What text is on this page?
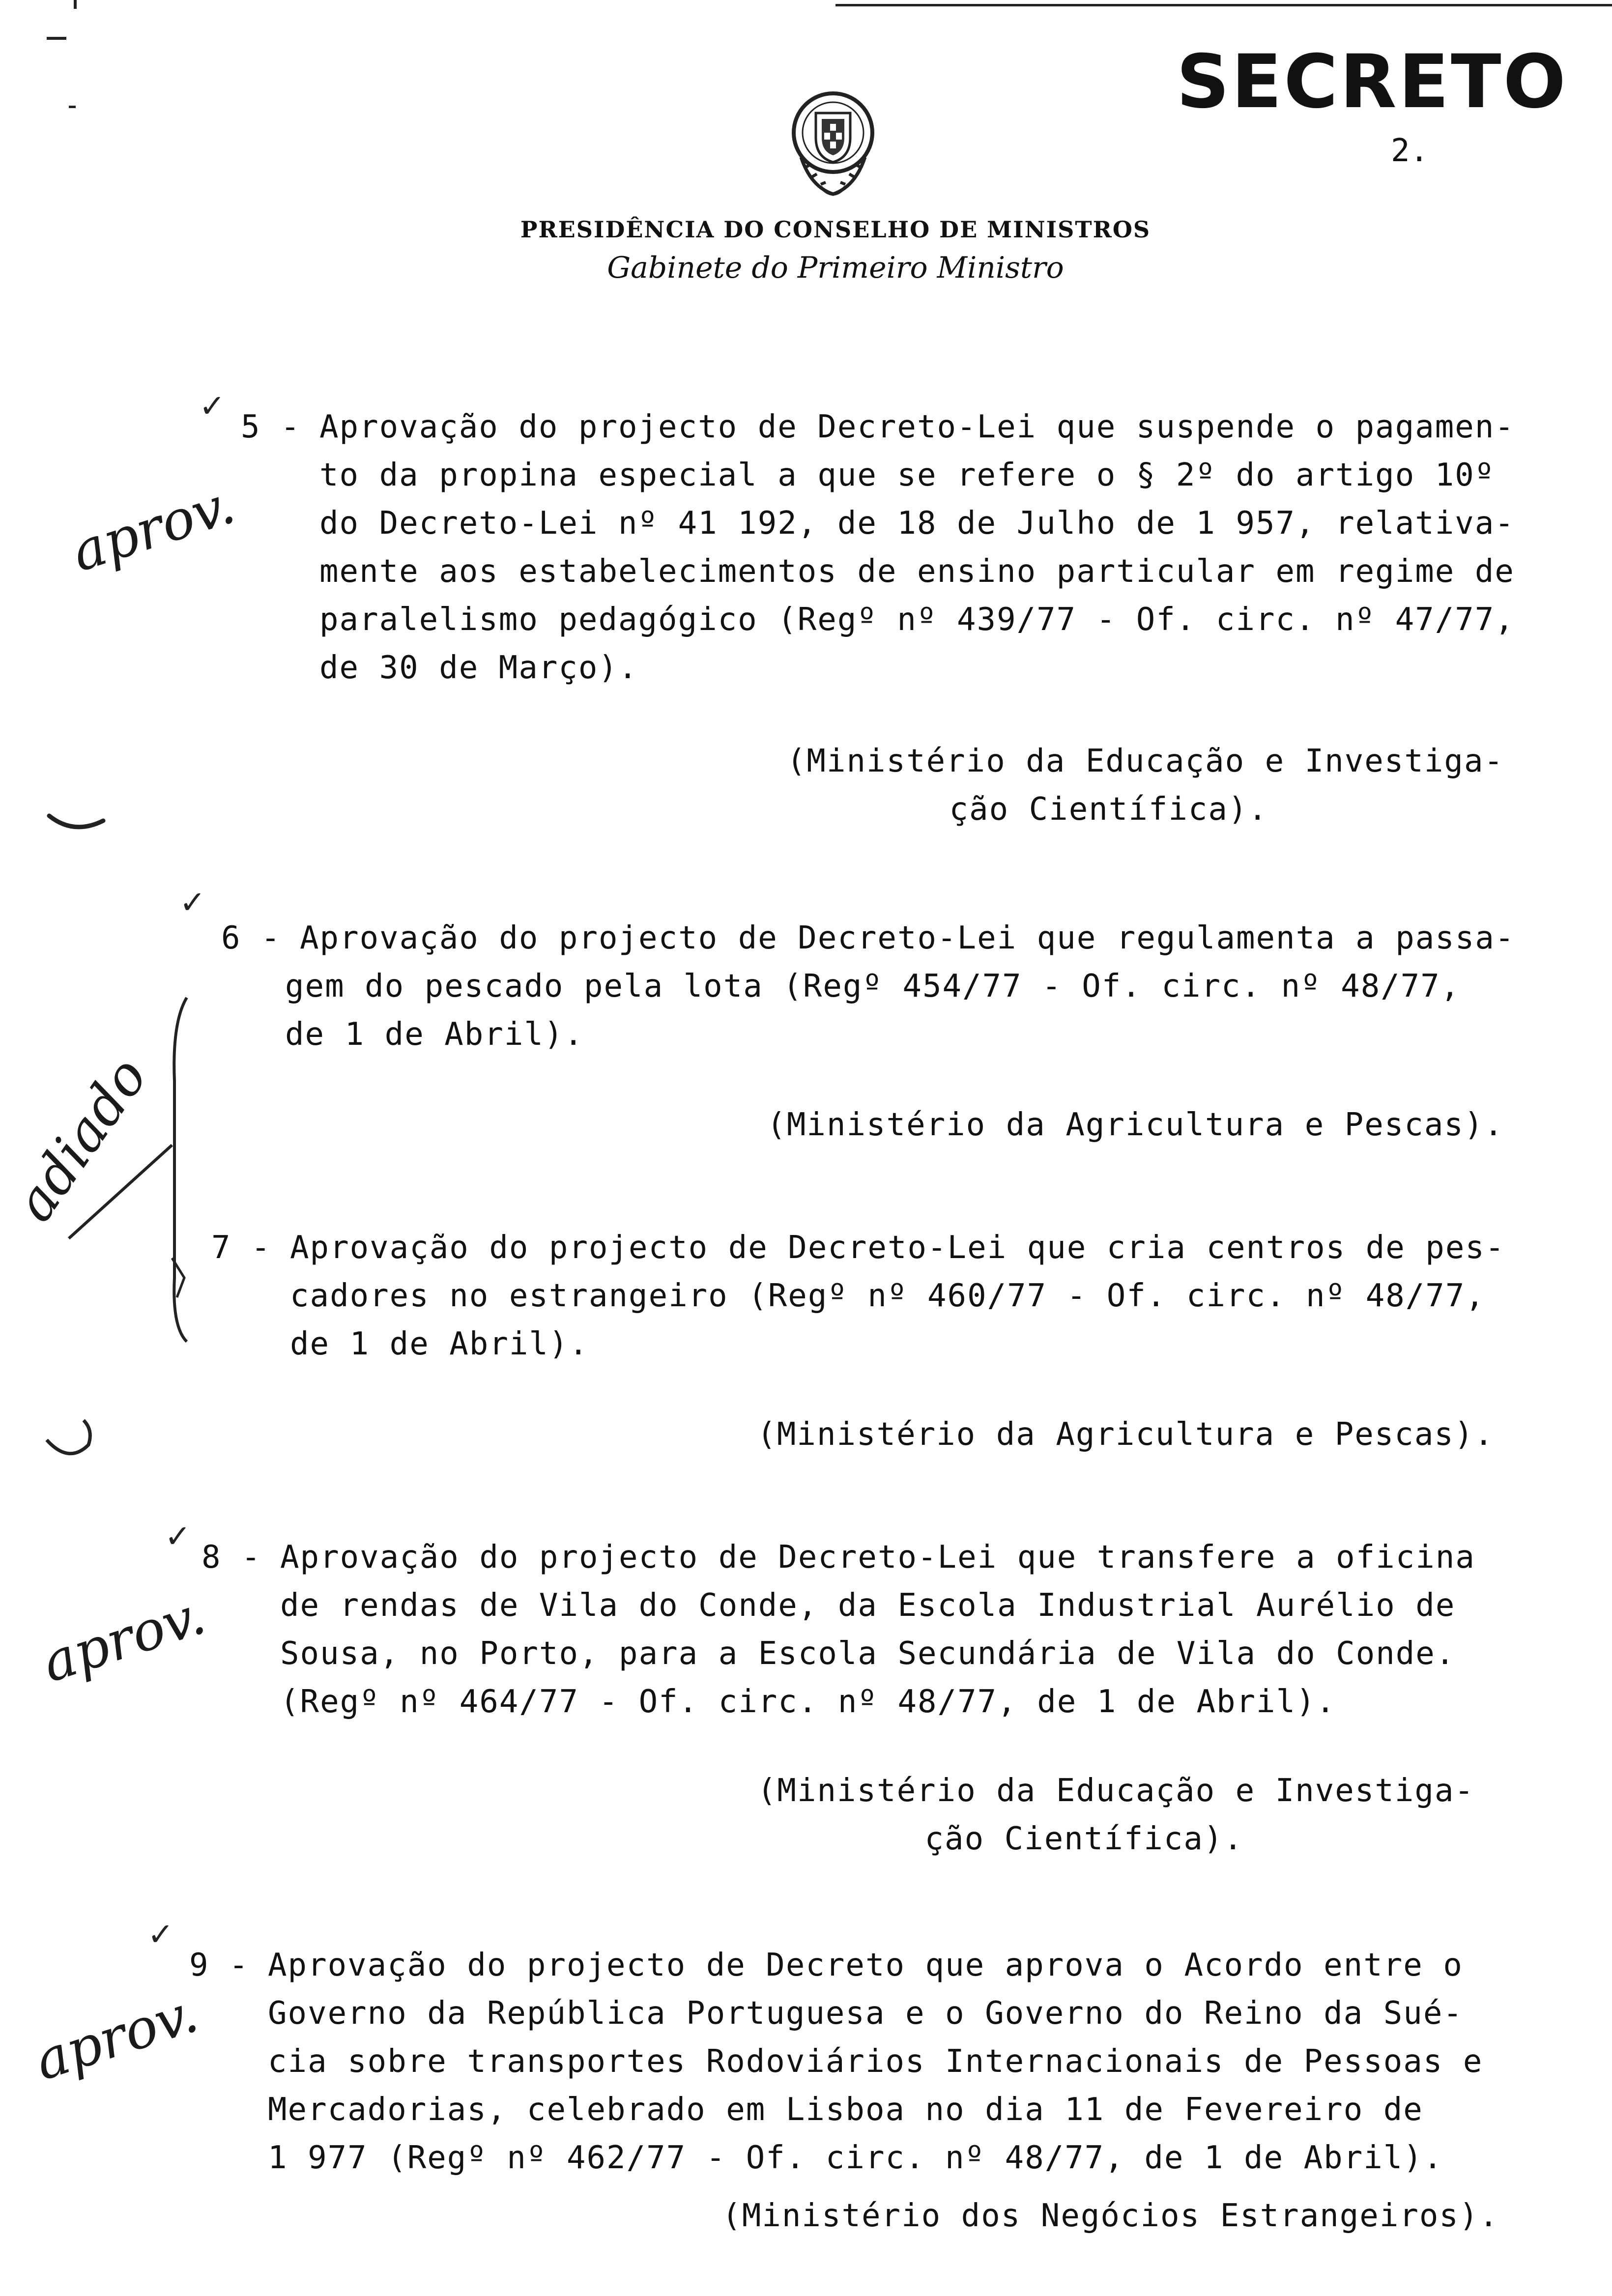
SECRETO
2.
PRESIDÊNCIA DO CONSELHO DE MINISTROS
Gabinete do Primeiro Ministro
✓
5 - Aprovação do projecto de Decreto-Lei que suspende o pagamen-
to da propina especial a que se refere o § 2º do artigo 10º
do Decreto-Lei nº 41 192, de 18 de Julho de 1 957, relativa-
mente aos estabelecimentos de ensino particular em regime de
paralelismo pedagógico (Regº nº 439/77 - Of. circ. nº 47/77,
de 30 de Março).
(Ministério da Educação e Investiga-
ção Científica).
aprov.
✓
6 - Aprovação do projecto de Decreto-Lei que regulamenta a passa-
gem do pescado pela lota (Regº 454/77 - Of. circ. nº 48/77,
de 1 de Abril).
(Ministério da Agricultura e Pescas).
adiado
7 - Aprovação do projecto de Decreto-Lei que cria centros de pes-
cadores no estrangeiro (Regº nº 460/77 - Of. circ. nº 48/77,
de 1 de Abril).
(Ministério da Agricultura e Pescas).
✓
8 - Aprovação do projecto de Decreto-Lei que transfere a oficina
de rendas de Vila do Conde, da Escola Industrial Aurélio de
Sousa, no Porto, para a Escola Secundária de Vila do Conde.
(Regº nº 464/77 - Of. circ. nº 48/77, de 1 de Abril).
(Ministério da Educação e Investiga-
ção Científica).
aprov.
✓
9 - Aprovação do projecto de Decreto que aprova o Acordo entre o
Governo da República Portuguesa e o Governo do Reino da Sué-
cia sobre transportes Rodoviários Internacionais de Pessoas e
Mercadorias, celebrado em Lisboa no dia 11 de Fevereiro de
1 977 (Regº nº 462/77 - Of. circ. nº 48/77, de 1 de Abril).
(Ministério dos Negócios Estrangeiros).
aprov.
